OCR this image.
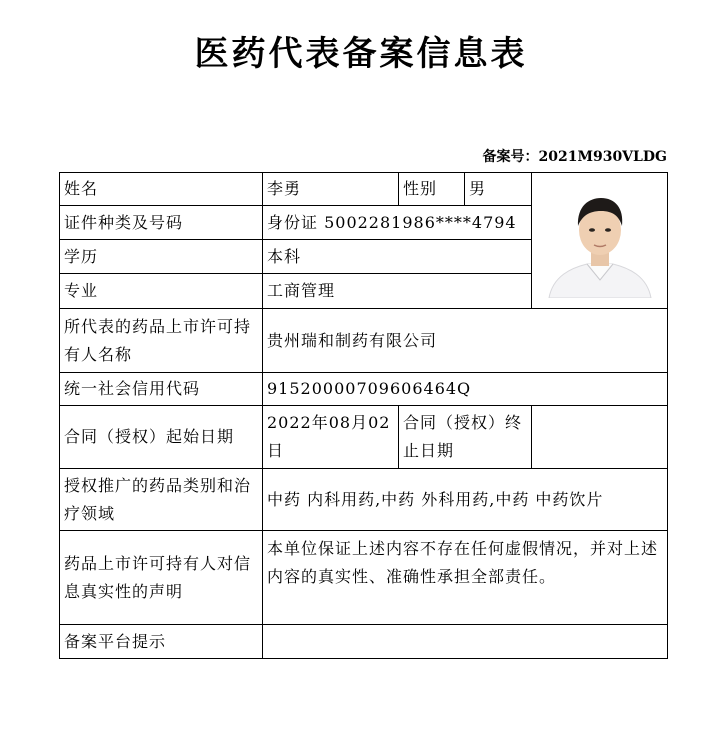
医药代表备案信息表
备案号：2021M930VLDG
姓名	李勇	性别	男	

证件种类及号码	身份证 5002281986****4794			
学历	本科			
专业	工商管理			
所代表的药品上市许可持有人名称	贵州瑞和制药有限公司			
统一社会信用代码	91520000709606464Q			
合同（授权）起始日期	2022年08月02日	合同（授权）终止日期		
授权推广的药品类别和治疗领域	中药 内科用药,中药 外科用药,中药 中药饮片			
药品上市许可持有人对信息真实性的声明	本单位保证上述内容不存在任何虚假情况，并对上述内容的真实性、准确性承担全部责任。			
备案平台提示				
